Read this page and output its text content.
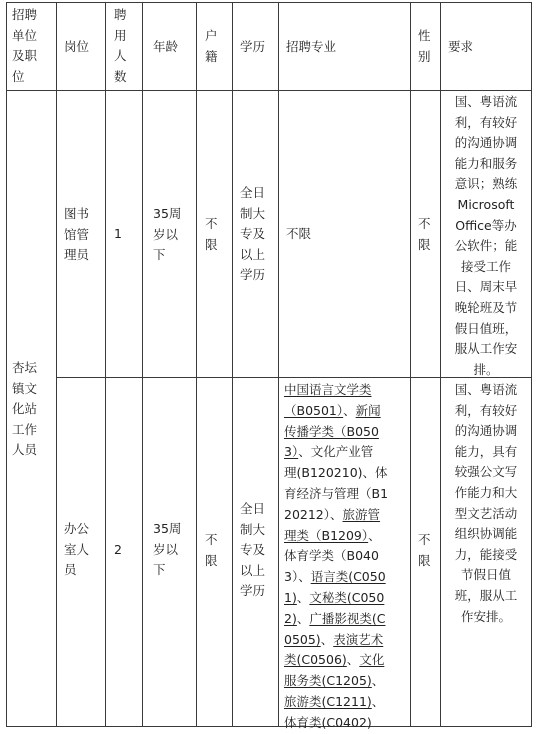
招聘
单位
及职
位
岗位
聘
用
人
数
年龄
户
籍
学历 招聘专业
性
别
要求
杏坛
镇文
化站
工作
人员
图书
馆管
理员
1
35周
岁以
下
不
限
全日
制大
专及
以上
学历
不限
不
限
国、粤语流
利，有较好
的沟通协调
能力和服务
意识；熟练
Microsoft
Office等办
公软件；能
接受工作
日、周末早
晚轮班及节
假日值班，
服从工作安
排。
办公
室人
员
2
35周
岁以
下
不
限
全日
制大
专及
以上
学历
中国语言文学类
（B0501）、新闻
传播学类（B050
3）、文化产业管
理(B120210)、体
育经济与管理（B1
20212）、旅游管
理类（B1209）、
体育学类（B040
3）、语言类(C050
1)、文秘类(C050
2)、广播影视类(C
0505)、表演艺术
类(C0506)、文化
服务类(C1205)、
旅游类(C1211)、
体育类(C0402)
不
限
国、粤语流
利，有较好
的沟通协调
能力，具有
较强公文写
作能力和大
型文艺活动
组织协调能
力，能接受
节假日值
班，服从工
作安排。
